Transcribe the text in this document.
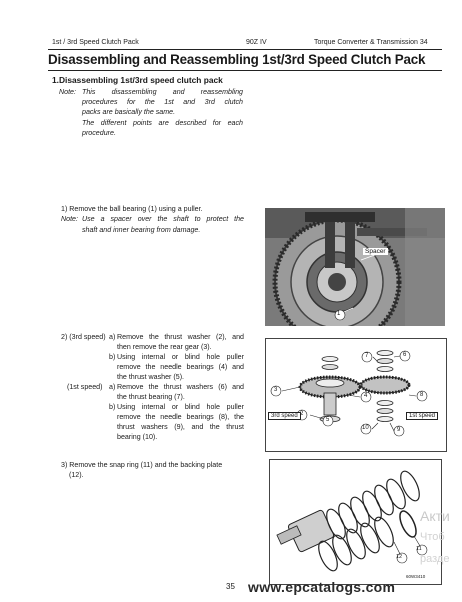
1st / 3rd Speed Clutch Pack	90Z IV	Torque Converter & Transmission 34
Disassembling and Reassembling 1st/3rd Speed Clutch Pack
1.Disassembling 1st/3rd speed clutch pack
Note: This disassembling and reassembling
procedures for the 1st and 3rd clutch
packs are basically the same.
The different points are described for each
procedure.
1) Remove the ball bearing (1) using a puller.
Note: Use a spacer over the shaft to protect the
shaft and inner bearing from damage.
2) (3rd speed) a) Remove the thrust washer (2), and
then remove the rear gear (3).
b) Using internal or blind hole puller
remove the needle bearings (4) and
the thrust washer (5).
(1st speed) a) Remove the thrust washers (6) and
the thrust bearing (7).
b) Using internal or blind hole puller
remove the needle bearings (8), the
thrust washers (9), and the thrust
bearing (10).
3) Remove the snap ring (11) and the backing plate
(12).
Spacer
1
3rd speed	1st speed
3
4
2
5
7	6
8
10	9
11
12
60W3410
Акти
Чтоб
разде
35 www.epcatalogs.com
